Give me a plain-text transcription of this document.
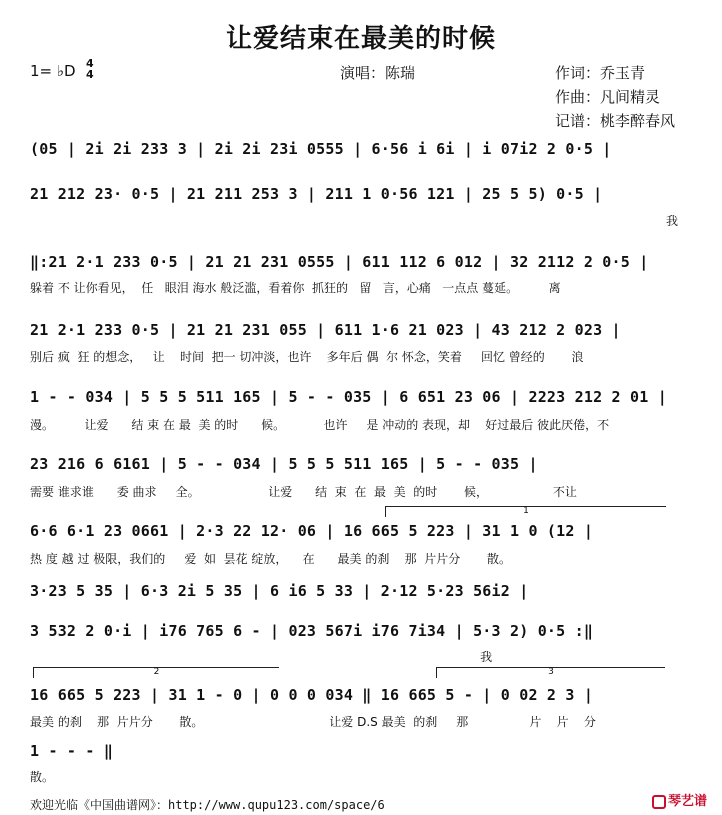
让爱结束在最美的时候
1= ♭D 4
4	演唱：陈瑞	作词：乔玉青
作曲：凡间精灵
记谱：桃李醉春风
(05 | 2i 2i 233 3 | 2i 2i 23i 0555 | 6·56 i 6i | i 07i2 2 0·5 |
21 212 23· 0·5 | 21 211 253 3 | 211 1 0·56 121 | 25 5 5) 0·5 |
我
‖:21 2·1 233 0·5 | 21 21 231 0555 | 611 112 6 012 | 32 2112 2 0·5 |
躲着 不 让你看见，  任   眼泪 海水 般泛滥，看着你  抓狂的   留   言，心痛   一点点 蔓延。        离
21 2·1 233 0·5 | 21 21 231 055 | 611 1·6 21 023 | 43 212 2 023 |
别后 疯  狂 的想念，   让    时间  把一 切冲淡，也许    多年后 偶  尔 怀念，笑着     回忆 曾经的       浪
1 - - 034 | 5 5 5 511 165 | 5 - - 035 | 6 651 23 06 | 2223 212 2 01 |
漫。        让爱      结 束 在 最  美 的时      候。          也许     是 冲动的 表现，却    好过最后 彼此厌倦，不
23 216 6 6161 | 5 - - 034 | 5 5 5 511 165 | 5 - - 035 |
需要 谁求谁      委 曲求     全。                  让爱      结  束  在  最  美  的时       候，                 不让
1
6·6 6·1 23 0661 | 2·3 22 12· 06 | 16 665 5 223 | 31 1 0 (12 |
热 度 越 过 极限，我们的     爱  如  昙花 绽放，    在      最美 的刹    那  片片分       散。
3·23 5 35 | 6·3 2i 5 35 | 6 i6 5 33 | 2·12 5·23 56i2 |
3 532 2 0·i | i76 765 6 - | 023 567i i76 7i34 | 5·3 2) 0·5 :‖
我
2	3
16 665 5 223 | 31 1 - 0 | 0 0 0 034 ‖ 16 665 5 - | 0 02 2 3 |
最美 的刹    那  片片分       散。                                 让爱 D.S 最美  的刹     那                片    片    分
1 - - - ‖
散。
欢迎光临《中国曲谱网》：http://www.qupu123.com/space/6	琴艺谱
